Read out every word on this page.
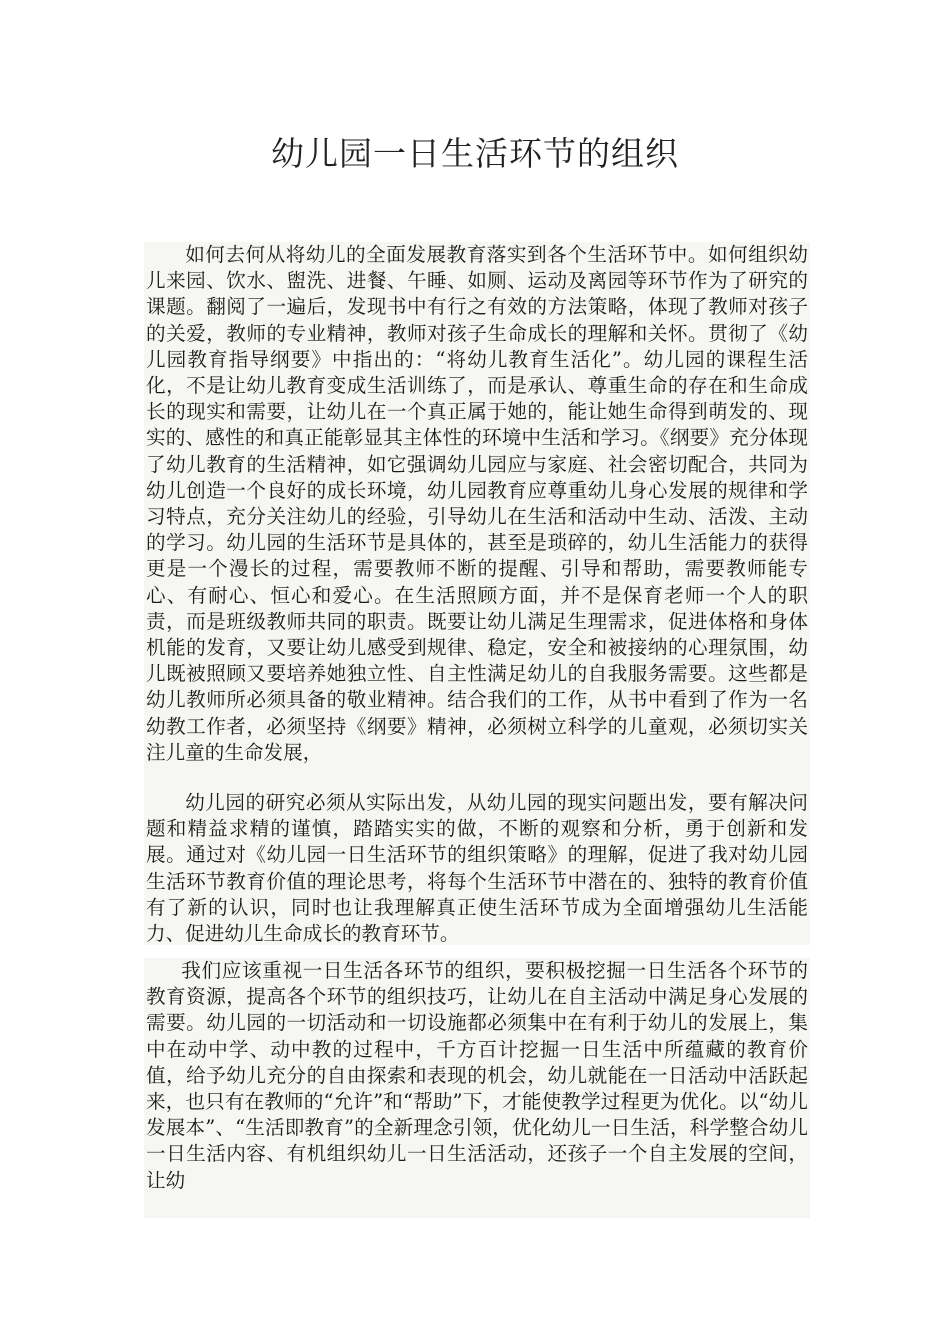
幼儿园一日生活环节的组织

如何去何从将幼儿的全面发展教育落实到各个生活环节中。如何组织幼儿来园、饮水、盥洗、进餐、午睡、如厕、运动及离园等环节作为了研究的课题。翻阅了一遍后，发现书中有行之有效的方法策略，体现了教师对孩子的关爱，教师的专业精神，教师对孩子生命成长的理解和关怀。贯彻了《幼儿园教育指导纲要》中指出的：“将幼儿教育生活化”。幼儿园的课程生活化，不是让幼儿教育变成生活训练了，而是承认、尊重生命的存在和生命成长的现实和需要，让幼儿在一个真正属于她的，能让她生命得到萌发的、现实的、感性的和真正能彰显其主体性的环境中生活和学习。《纲要》充分体现了幼儿教育的生活精神，如它强调幼儿园应与家庭、社会密切配合，共同为幼儿创造一个良好的成长环境，幼儿园教育应尊重幼儿身心发展的规律和学习特点，充分关注幼儿的经验，引导幼儿在生活和活动中生动、活泼、主动的学习。幼儿园的生活环节是具体的，甚至是琐碎的，幼儿生活能力的获得更是一个漫长的过程，需要教师不断的提醒、引导和帮助，需要教师能专心、有耐心、恒心和爱心。在生活照顾方面，并不是保育老师一个人的职责，而是班级教师共同的职责。既要让幼儿满足生理需求，促进体格和身体机能的发育，又要让幼儿感受到规律、稳定，安全和被接纳的心理氛围，幼儿既被照顾又要培养她独立性、自主性满足幼儿的自我服务需要。这些都是幼儿教师所必须具备的敬业精神。结合我们的工作，从书中看到了作为一名幼教工作者，必须坚持《纲要》精神，必须树立科学的儿童观，必须切实关注儿童的生命发展，

幼儿园的研究必须从实际出发，从幼儿园的现实问题出发，要有解决问题和精益求精的谨慎，踏踏实实的做，不断的观察和分析，勇于创新和发展。通过对《幼儿园一日生活环节的组织策略》的理解，促进了我对幼儿园生活环节教育价值的理论思考，将每个生活环节中潜在的、独特的教育价值有了新的认识，同时也让我理解真正使生活环节成为全面增强幼儿生活能力、促进幼儿生命成长的教育环节。

我们应该重视一日生活各环节的组织，要积极挖掘一日生活各个环节的教育资源，提高各个环节的组织技巧，让幼儿在自主活动中满足身心发展的需要。幼儿园的一切活动和一切设施都必须集中在有利于幼儿的发展上，集中在动中学、动中教的过程中，千方百计挖掘一日生活中所蕴藏的教育价值，给予幼儿充分的自由探索和表现的机会，幼儿就能在一日活动中活跃起来，也只有在教师的“允许”和“帮助”下，才能使教学过程更为优化。以“幼儿发展本”、“生活即教育”的全新理念引领，优化幼儿一日生活，科学整合幼儿一日生活内容、有机组织幼儿一日生活活动，还孩子一个自主发展的空间，让幼
